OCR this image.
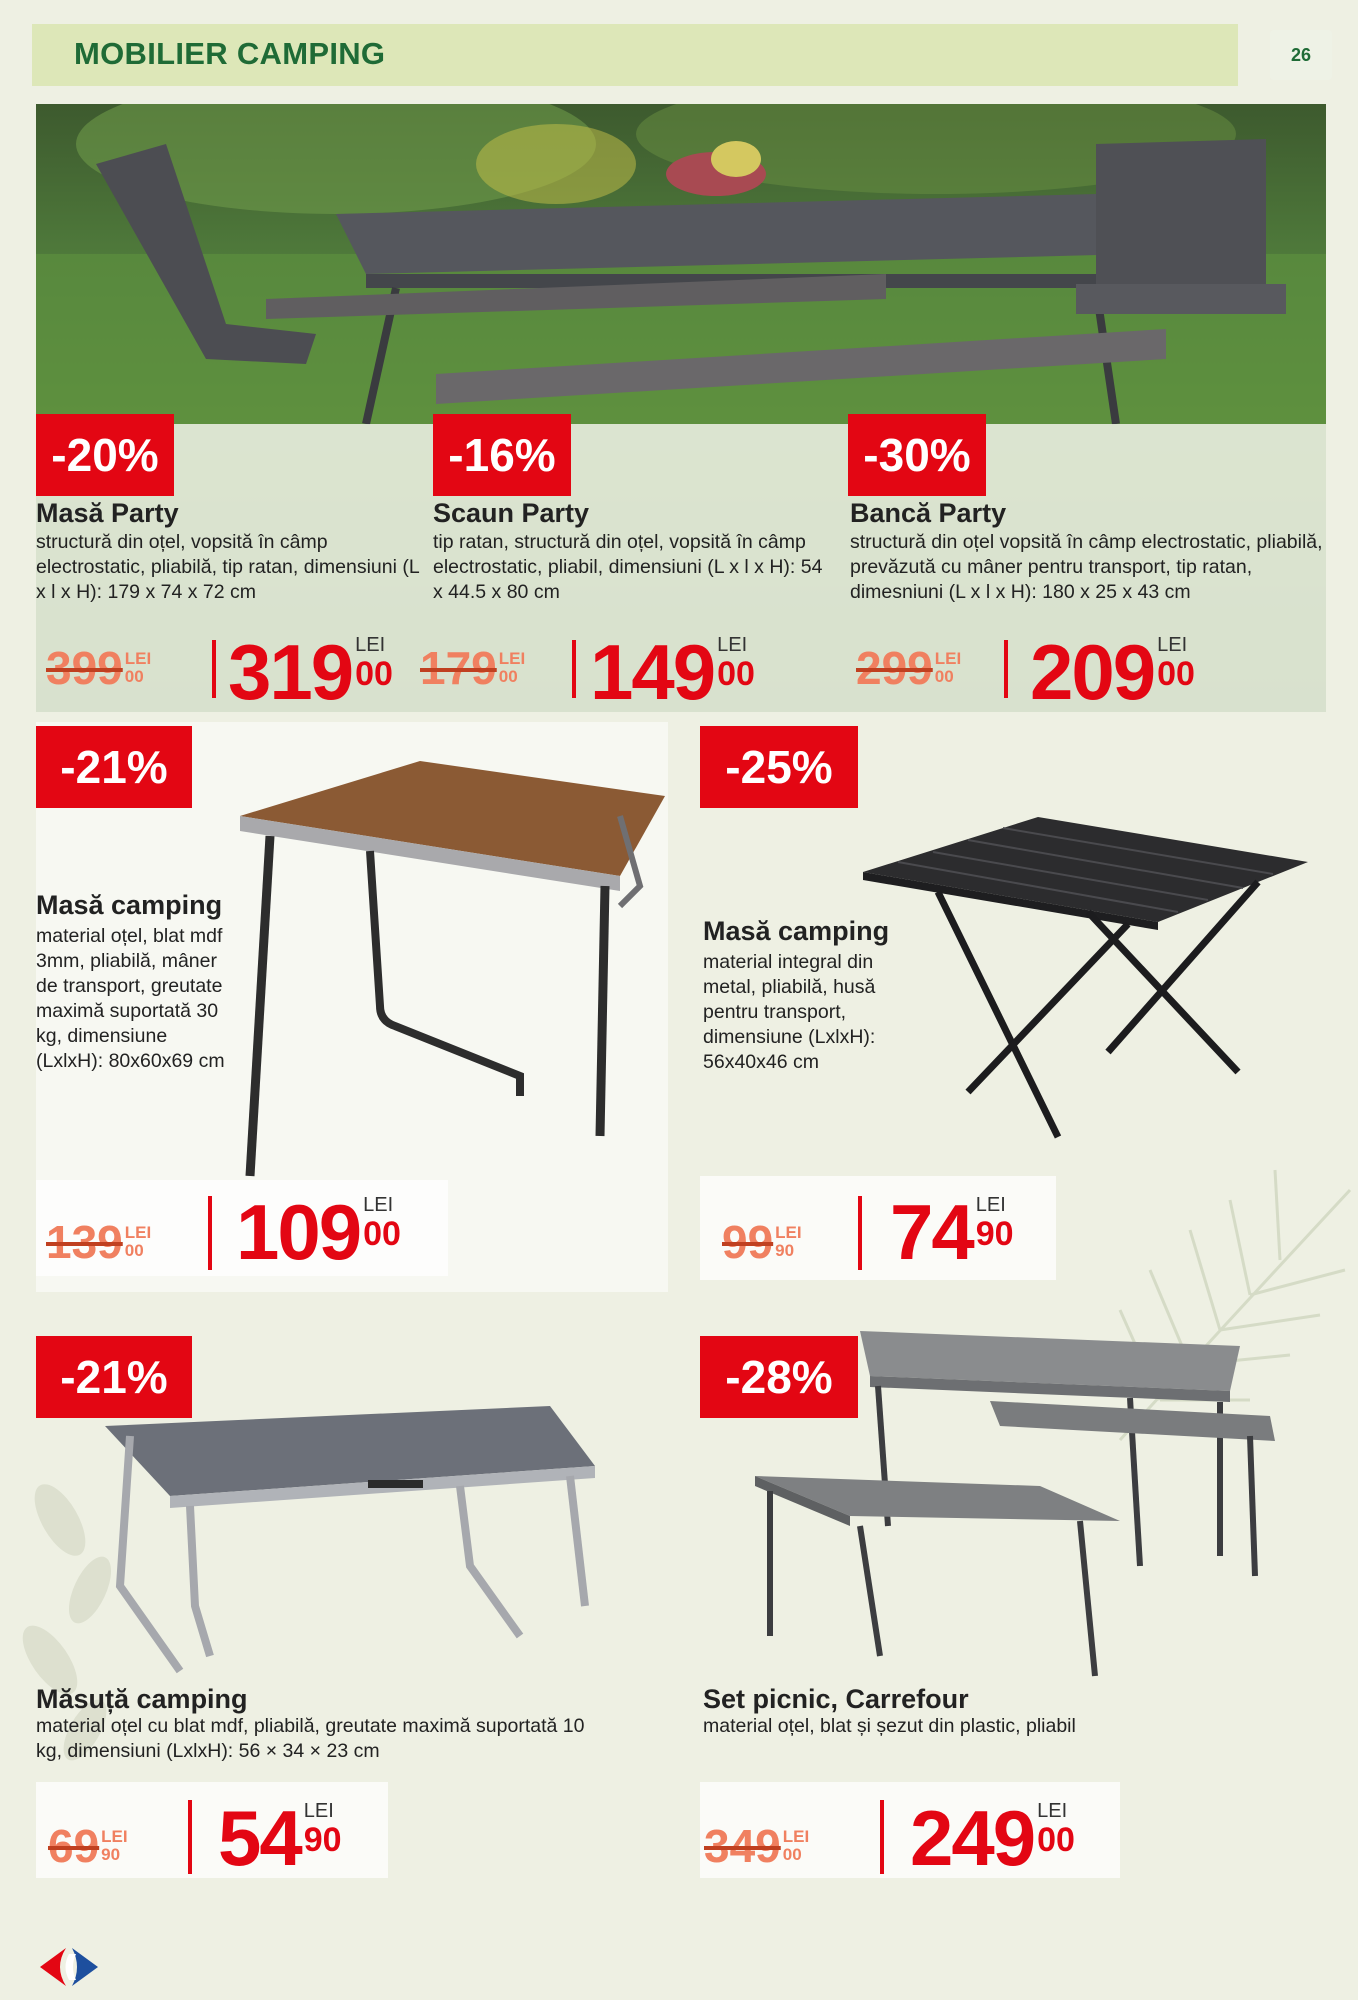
MOBILIER CAMPING	26
-20%
Masă Party
structură din oțel, vopsită în câmp electrostatic, pliabilă, tip ratan, dimensiuni (L x l x H): 179 x 74 x 72 cm
399 LEI
00 319 LEI
00
-16%
Scaun Party
tip ratan, structură din oțel, vopsită în câmp electrostatic, pliabil, dimensiuni (L x l x H): 54 x 44.5 x 80 cm
179 LEI
00 149 LEI
00
-30%
Bancă Party
structură din oțel vopsită în câmp electrostatic, pliabilă, prevăzută cu mâner pentru transport, tip ratan, dimesniuni (L x l x H): 180 x 25 x 43 cm
299 LEI
00 209 LEI
00
-21%
Masă camping
material oțel, blat mdf 3mm, pliabilă, mâner de transport, greutate maximă suportată 30 kg, dimensiune (LxlxH): 80x60x69 cm
139 LEI
00 109 LEI
00
-25%
Masă camping
material integral din metal, pliabilă, husă pentru transport, dimensiune (LxlxH): 56x40x46 cm
99 LEI
90 74 LEI
90
-21%
Măsuță camping
material oțel cu blat mdf, pliabilă, greutate maximă suportată 10 kg, dimensiuni (LxlxH): 56 × 34 × 23 cm
69 LEI
90 54 LEI
90
-28%
Set picnic, Carrefour
material oțel, blat și șezut din plastic, pliabil
349 LEI
00 249 LEI
00
